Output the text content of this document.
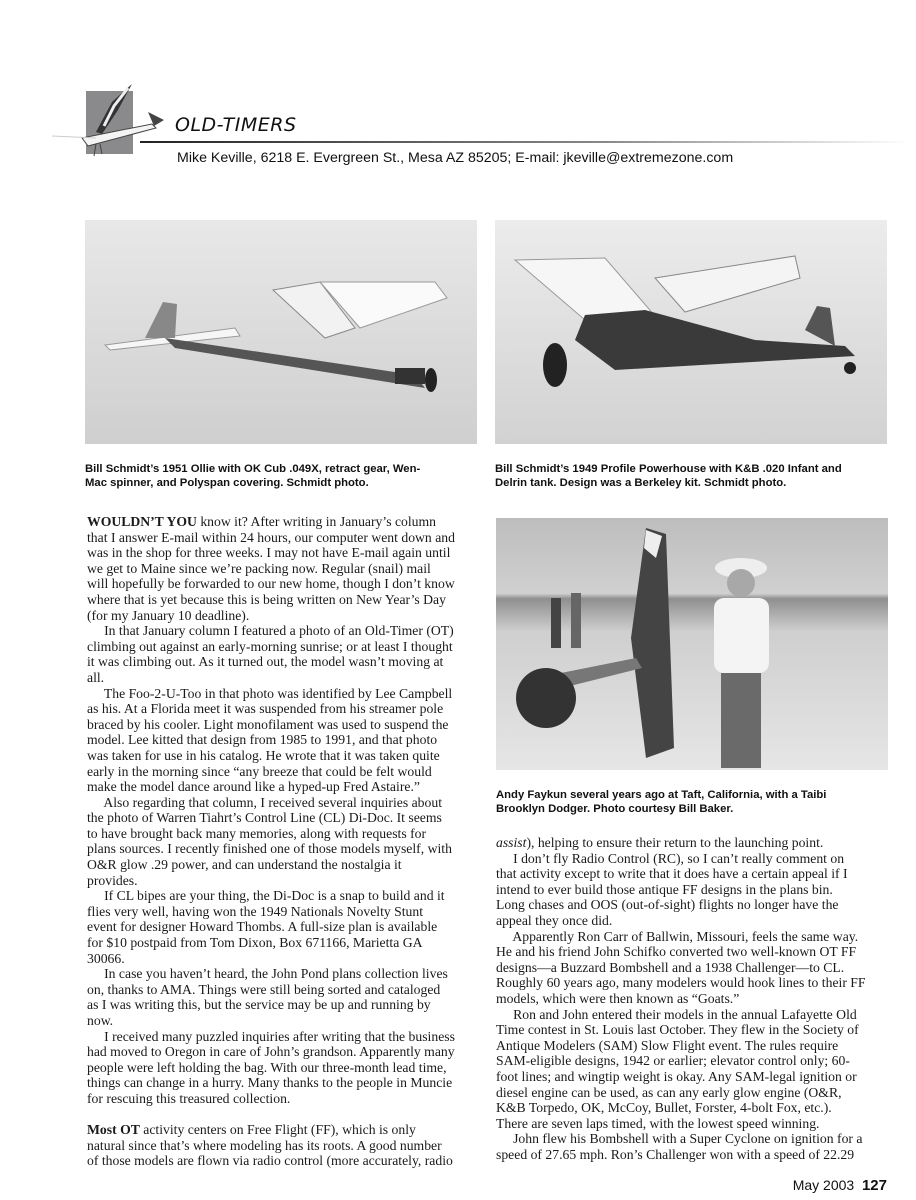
OLD-TIMERS
Mike Keville, 6218 E. Evergreen St., Mesa AZ 85205; E-mail: jkeville@extremezone.com
Bill Schmidt’s 1951 Ollie with OK Cub .049X, retract gear, Wen-
Mac spinner, and Polyspan covering. Schmidt photo.
Bill Schmidt’s 1949 Profile Powerhouse with K&B .020 Infant and
Delrin tank. Design was a Berkeley kit. Schmidt photo.
Andy Faykun several years ago at Taft, California, with a Taibi
Brooklyn Dodger. Photo courtesy Bill Baker.

WOULDN’T YOU know it? After writing in January’s column
that I answer E-mail within 24 hours, our computer went down and
was in the shop for three weeks. I may not have E-mail again until
we get to Maine since we’re packing now. Regular (snail) mail
will hopefully be forwarded to our new home, though I don’t know
where that is yet because this is being written on New Year’s Day
(for my January 10 deadline).

In that January column I featured a photo of an Old-Timer (OT)
climbing out against an early-morning sunrise; or at least I thought
it was climbing out. As it turned out, the model wasn’t moving at
all.

The Foo-2-U-Too in that photo was identified by Lee Campbell
as his. At a Florida meet it was suspended from his streamer pole
braced by his cooler. Light monofilament was used to suspend the
model. Lee kitted that design from 1985 to 1991, and that photo
was taken for use in his catalog. He wrote that it was taken quite
early in the morning since “any breeze that could be felt would
make the model dance around like a hyped-up Fred Astaire.”

Also regarding that column, I received several inquiries about
the photo of Warren Tiahrt’s Control Line (CL) Di-Doc. It seems
to have brought back many memories, along with requests for
plans sources. I recently finished one of those models myself, with
O&R glow .29 power, and can understand the nostalgia it
provides.

If CL bipes are your thing, the Di-Doc is a snap to build and it
flies very well, having won the 1949 Nationals Novelty Stunt
event for designer Howard Thombs. A full-size plan is available
for $10 postpaid from Tom Dixon, Box 671166, Marietta GA
30066.

In case you haven’t heard, the John Pond plans collection lives
on, thanks to AMA. Things were still being sorted and cataloged
as I was writing this, but the service may be up and running by
now.

I received many puzzled inquiries after writing that the business
had moved to Oregon in care of John’s grandson. Apparently many
people were left holding the bag. With our three-month lead time,
things can change in a hurry. Many thanks to the people in Muncie
for rescuing this treasured collection.

Most OT activity centers on Free Flight (FF), which is only
natural since that’s where modeling has its roots. A good number
of those models are flown via radio control (more accurately, radio

assist), helping to ensure their return to the launching point.

I don’t fly Radio Control (RC), so I can’t really comment on
that activity except to write that it does have a certain appeal if I
intend to ever build those antique FF designs in the plans bin.
Long chases and OOS (out-of-sight) flights no longer have the
appeal they once did.

Apparently Ron Carr of Ballwin, Missouri, feels the same way.
He and his friend John Schifko converted two well-known OT FF
designs—a Buzzard Bombshell and a 1938 Challenger—to CL.
Roughly 60 years ago, many modelers would hook lines to their FF
models, which were then known as “Goats.”

Ron and John entered their models in the annual Lafayette Old
Time contest in St. Louis last October. They flew in the Society of
Antique Modelers (SAM) Slow Flight event. The rules require
SAM-eligible designs, 1942 or earlier; elevator control only; 60-
foot lines; and wingtip weight is okay. Any SAM-legal ignition or
diesel engine can be used, as can any early glow engine (O&R,
K&B Torpedo, OK, McCoy, Bullet, Forster, 4-bolt Fox, etc.).
There are seven laps timed, with the lowest speed winning.

John flew his Bombshell with a Super Cyclone on ignition for a
speed of 27.65 mph. Ron’s Challenger won with a speed of 22.29

May 2003 127
